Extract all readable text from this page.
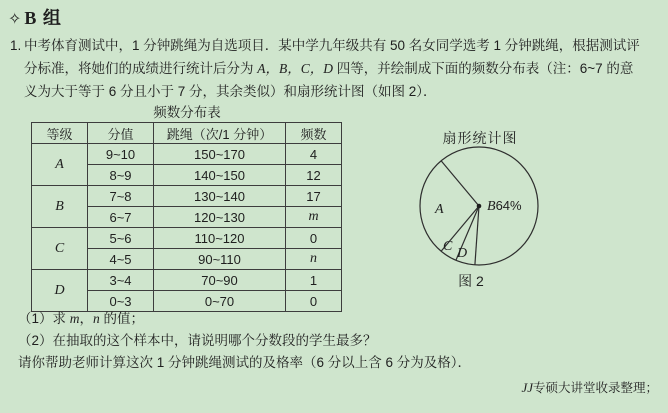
✧ B 组
1. 中考体育测试中，1 分钟跳绳为自选项目．某中学九年级共有 50 名女同学选考 1 分钟跳绳，根据测试评
分标准，将她们的成绩进行统计后分为 A，B，C，D 四等，并绘制成下面的频数分布表（注：6~7 的意
义为大于等于 6 分且小于 7 分，其余类似）和扇形统计图（如图 2）．
频数分布表
等级	分值	跳绳（次/1 分钟）	频数
A	9~10	150~170	4
	8~9	140~150	12
B	7~8	130~140	17
	6~7	120~130	m
C	5~6	110~120	0
	4~5	90~110	n
D	3~4	70~90	1
	0~3	0~70	0
扇形统计图
A	B64%
C D
图 2
（1）求 m，n 的值；
（2）在抽取的这个样本中，请说明哪个分数段的学生最多？
请你帮助老师计算这次 1 分钟跳绳测试的及格率（6 分以上含 6 分为及格）．
JJ专硕大讲堂收录整理；
